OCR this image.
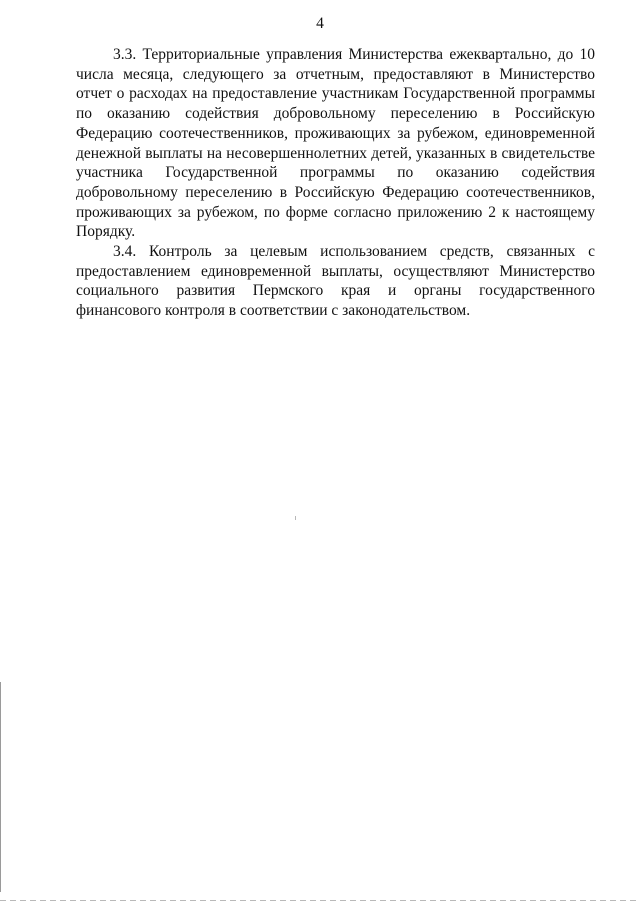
4

3.3. Территориальные управления Министерства ежеквартально, до 10 числа месяца, следующего за отчетным, предоставляют в Министерство отчет о расходах на предоставление участникам Государственной программы по оказанию содействия добровольному переселению в Российскую Федерацию соотечественников, проживающих за рубежом, единовременной денежной выплаты на несовершеннолетних детей, указанных в свидетельстве участника Государственной программы по оказанию содействия добровольному переселению в Российскую Федерацию соотечественников, проживающих за рубежом, по форме согласно приложению 2 к настоящему Порядку.

3.4. Контроль за целевым использованием средств, связанных с предоставлением единовременной выплаты, осуществляют Министерство социального развития Пермского края и органы государственного финансового контроля в соответствии с законодательством.
